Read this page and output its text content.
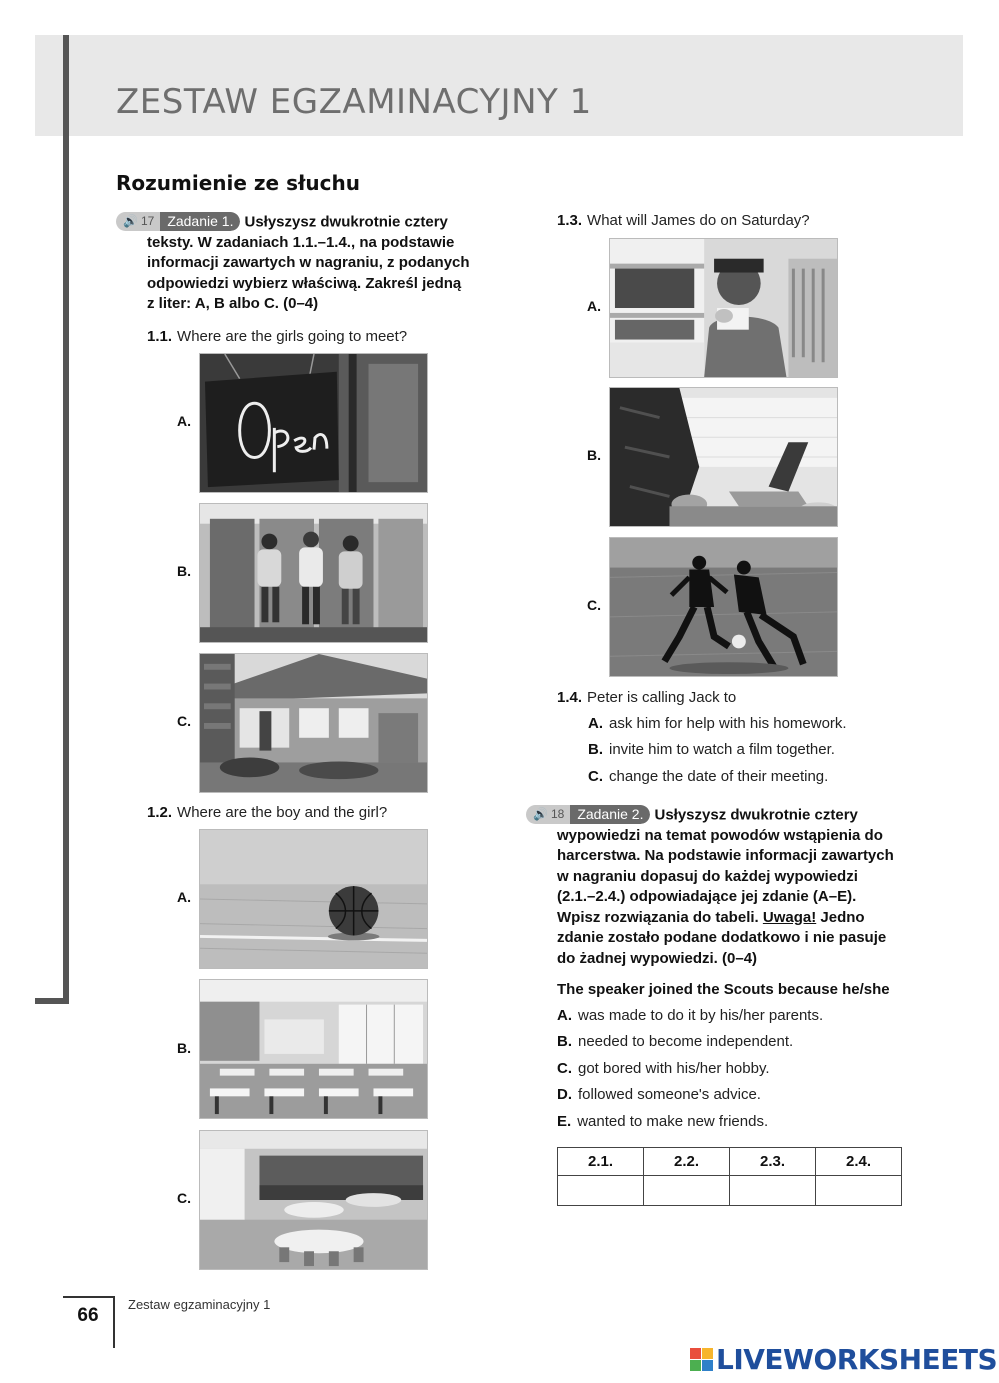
ZESTAW EGZAMINACYJNY 1
Rozumienie ze słuchu
🔊 17 Zadanie 1. Usłyszysz dwukrotnie cztery
teksty. W zadaniach 1.1.–1.4., na podstawie
informacji zawartych w nagraniu, z podanych
odpowiedzi wybierz właściwą. Zakreśl jedną
z liter: A, B albo C. (0–4)
1.1. Where are the girls going to meet?
A.
B.
C.
1.2. Where are the boy and the girl?
A.
B.
C.
1.3. What will James do on Saturday?
A.
B.
C.
1.4. Peter is calling Jack to
A. ask him for help with his homework.
B. invite him to watch a film together.
C. change the date of their meeting.
🔊 18 Zadanie 2. Usłyszysz dwukrotnie cztery
wypowiedzi na temat powodów wstąpienia do
harcerstwa. Na podstawie informacji zawartych
w nagraniu dopasuj do każdej wypowiedzi
(2.1.–2.4.) odpowiadające jej zdanie (A–E).
Wpisz rozwiązania do tabeli. Uwaga! Jedno
zdanie zostało podane dodatkowo i nie pasuje
do żadnej wypowiedzi. (0–4)
The speaker joined the Scouts because he/she
A. was made to do it by his/her parents.
B. needed to become independent.
C. got bored with his/her hobby.
D. followed someone's advice.
E. wanted to make new friends.
2.1.	2.2.	2.3.	2.4.

66
Zestaw egzaminacyjny 1
LIVEWORKSHEETS
